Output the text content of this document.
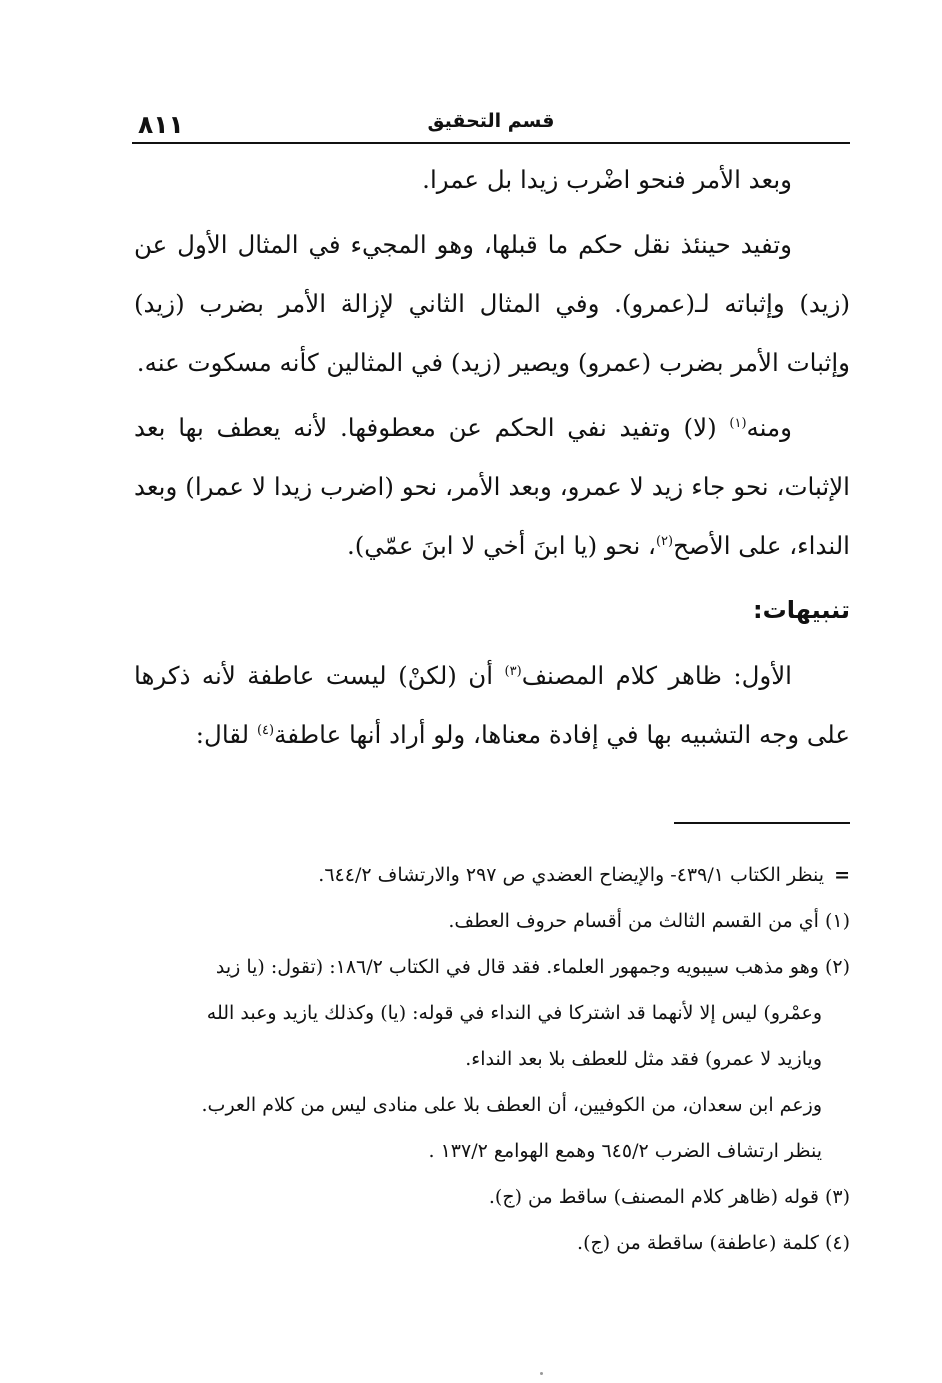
٨١١	قسم التحقيق

وبعد الأمر فنحو اضْرب زيدا بل عمرا.

وتفيد حينئذ نقل حكم ما قبلها، وهو المجيء في المثال الأول عن (زيد) وإثباته لـ(عمرو). وفي المثال الثاني لإزالة الأمر بضرب (زيد) وإثبات الأمر بضرب (عمرو) ويصير (زيد) في المثالين كأنه مسكوت عنه.

ومنه$^{(١)}$ (لا) وتفيد نفي الحكم عن معطوفها. لأنه يعطف بها بعد الإثبات، نحو جاء زيد لا عمرو، وبعد الأمر، نحو (اضرب زيدا لا عمرا) وبعد النداء، على الأصح$^{(٢)}$، نحو (يا ابنَ أخي لا ابنَ عمّي).

تنبيهات:

الأول: ظاهر كلام المصنف$^{(٣)}$ أن (لكنْ) ليست عاطفة لأنه ذكرها على وجه التشبيه بها في إفادة معناها، ولو أراد أنها عاطفة$^{(٤)}$ لقال:

=ينظر الكتاب ٤٣٩/١- والإيضاح العضدي ص ٢٩٧ والارتشاف ٦٤٤/٢.

(١) أي من القسم الثالث من أقسام حروف العطف.

(٢) وهو مذهب سيبويه وجمهور العلماء. فقد قال في الكتاب ١٨٦/٢: (تقول: (يا زيد

وعمْرو) ليس إلا لأنهما قد اشتركا في النداء في قوله: (يا) وكذلك يازيد وعبد الله

ويازيد لا عمرو) فقد مثل للعطف بلا بعد النداء.

وزعم ابن سعدان، من الكوفيين، أن العطف بلا على منادى ليس من كلام العرب.

ينظر ارتشاف الضرب ٦٤٥/٢ وهمع الهوامع ١٣٧/٢ .

(٣) قوله (ظاهر كلام المصنف) ساقط من (ج).

(٤) كلمة (عاطفة) ساقطة من (ج).
